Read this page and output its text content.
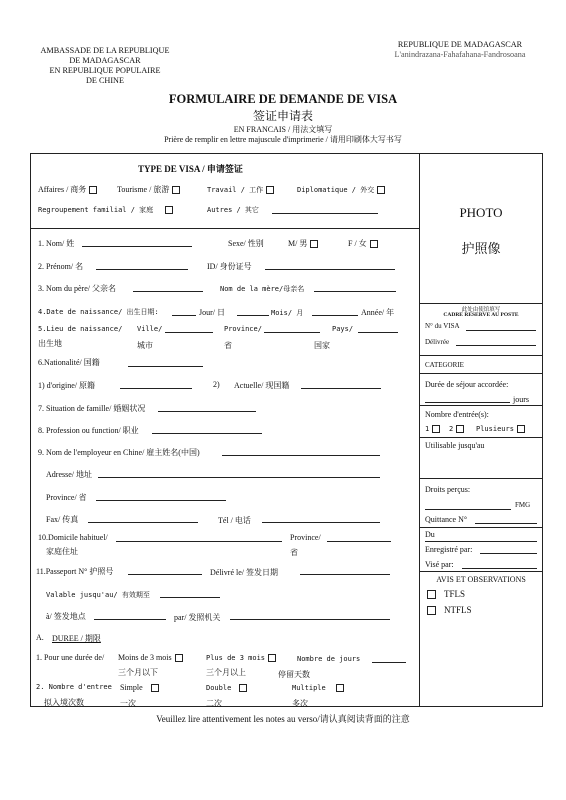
AMBASSADE DE LA REPUBLIQUE
DE MADAGASCAR
EN REPUBLIQUE POPULAIRE
DE CHINE
REPUBLIQUE DE MADAGASCAR
L'anindrazana-Fahafahana-Fandrosoana
FORMULAIRE DE DEMANDE DE VISA
签证申请表
EN FRANCAIS / 用法文填写
Prière de remplir en lettre majuscule d'imprimerie / 请用印刷体大写书写
TYPE DE VISA / 申请签证
Affaires / 商务	Tourisme / 旅游	Travail / 工作	Diplomatique / 外交
Regroupement familial / 家庭	Autres / 其它
1. Nom/ 姓	Sexe/ 性别	M/ 男	F / 女
2. Prénom/ 名	ID/ 身份证号
3. Nom du père/ 父亲名	Nom de la mère/母亲名
4.Date de naissance/ 出生日期:	Jour/ 日	Mois/ 月	Année/ 年
5.Lieu de naissance/ Ville/	Province/	Pays/
出生地	城市	省	国家
6.Nationalité/ 国籍
1) d'origine/ 原籍	2) Actuelle/ 现国籍
7. Situation de famille/ 婚姻状况
8. Profession ou function/ 职业
9. Nom de l'employeur en Chine/ 雇主姓名(中国)
Adresse/ 地址
Province/ 省
Fax/ 传真	Tél / 电话
10.Domicile habituel/	Province/
家庭住址	省
11.Passeport N° 护照号	Délivré le/ 签发日期
Valable jusqu'au/ 有效期至
à/ 签发地点	par/ 发照机关
A. DUREE / 期限
1. Pour une durée de/ Moins de 3 mois	Plus de 3 mois	Nombre de jours
三个月以下	三个月以上	停留天数
2. Nombre d'entree Simple	Double	Multiple
拟入境次数	一次	二次	多次
PHOTO
护照像
此处由使馆填写
CADRE RESERVE AU POSTE
N° du VISA
Délivrée
CATEGORIE
Durée de séjour accordée:
jours
Nombre d'entrée(s):
1	2	Plusieurs
Utilisable jusqu'au
Droits perçus:
FMG
Quittance N°
Du
Enregistré par:
Visé par:
AVIS ET OBSERVATIONS
TFLS
NTFLS
Veuillez lire attentivement les notes au verso/请认真阅读背面的注意
